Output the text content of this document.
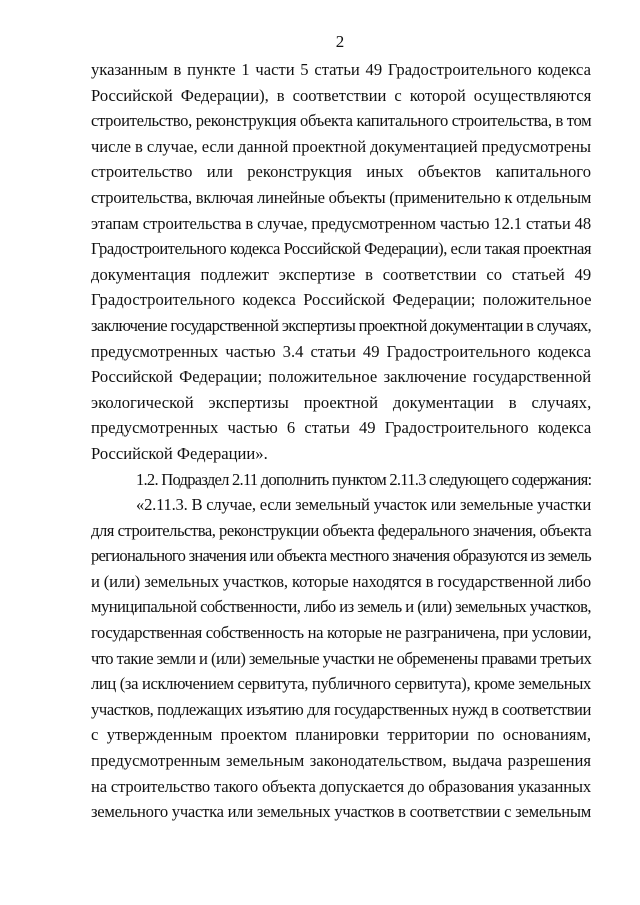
2
указанным в пункте 1 части 5 статьи 49 Градостроительного кодекса
Российской Федерации), в соответствии с которой осуществляются
строительство, реконструкция объекта капитального строительства, в том
числе в случае, если данной проектной документацией предусмотрены
строительство или реконструкция иных объектов капитального
строительства, включая линейные объекты (применительно к отдельным
этапам строительства в случае, предусмотренном частью 12.1 статьи 48
Градостроительного кодекса Российской Федерации), если такая проектная
документация подлежит экспертизе в соответствии со статьей 49
Градостроительного кодекса Российской Федерации; положительное
заключение государственной экспертизы проектной документации в случаях,
предусмотренных частью 3.4 статьи 49 Градостроительного кодекса
Российской Федерации; положительное заключение государственной
экологической экспертизы проектной документации в случаях,
предусмотренных частью 6 статьи 49 Градостроительного кодекса
Российской Федерации».
1.2. Подраздел 2.11 дополнить пунктом 2.11.3 следующего содержания:
«2.11.3. В случае, если земельный участок или земельные участки
для строительства, реконструкции объекта федерального значения, объекта
регионального значения или объекта местного значения образуются из земель
и (или) земельных участков, которые находятся в государственной либо
муниципальной собственности, либо из земель и (или) земельных участков,
государственная собственность на которые не разграничена, при условии,
что такие земли и (или) земельные участки не обременены правами третьих
лиц (за исключением сервитута, публичного сервитута), кроме земельных
участков, подлежащих изъятию для государственных нужд в соответствии
с утвержденным проектом планировки территории по основаниям,
предусмотренным земельным законодательством, выдача разрешения
на строительство такого объекта допускается до образования указанных
земельного участка или земельных участков в соответствии с земельным
